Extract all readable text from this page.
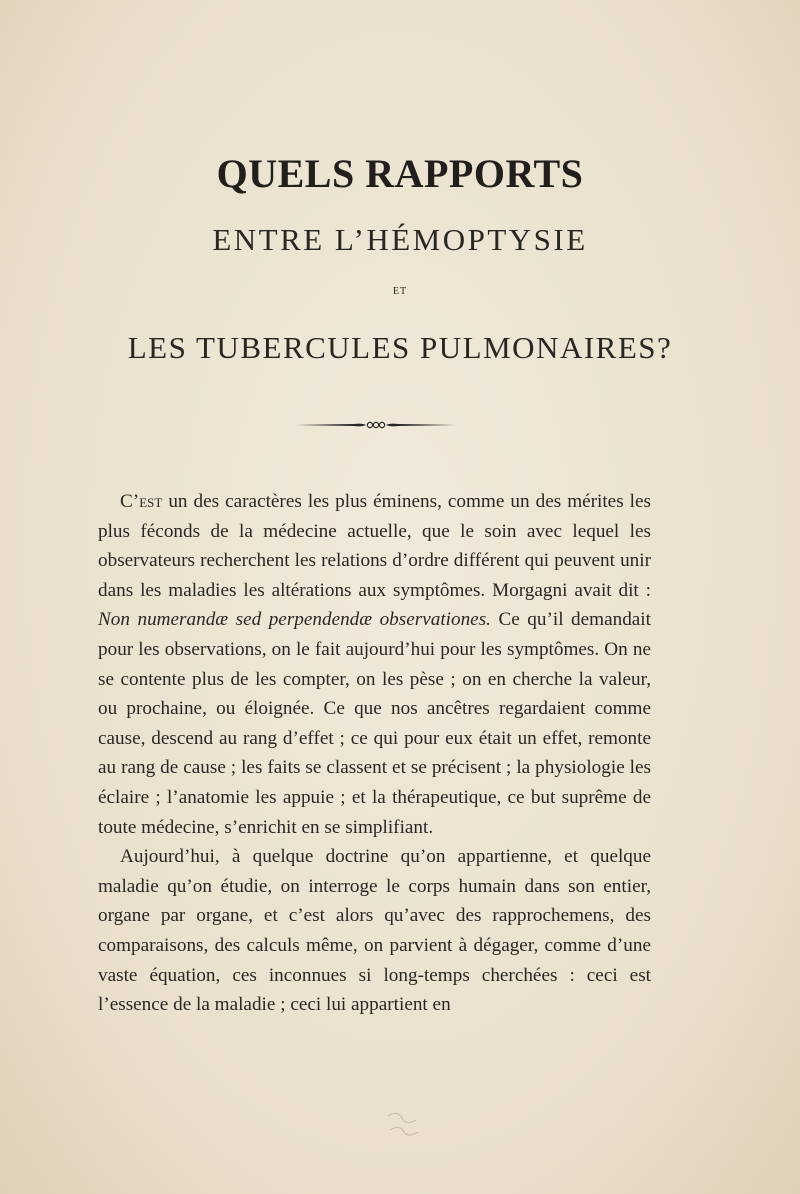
QUELS RAPPORTS
ENTRE L’HÉMOPTYSIE
ET
LES TUBERCULES PULMONAIRES?

C’est un des caractères les plus éminens, comme un des mérites les plus féconds de la médecine actuelle, que le soin avec lequel les observateurs recherchent les relations d’ordre différent qui peuvent unir dans les maladies les altérations aux symptômes. Morgagni avait dit : Non numerandæ sed perpendendæ observationes. Ce qu’il demandait pour les observations, on le fait aujourd’hui pour les symptômes. On ne se contente plus de les compter, on les pèse ; on en cherche la valeur, ou prochaine, ou éloignée. Ce que nos ancêtres regardaient comme cause, descend au rang d’effet ; ce qui pour eux était un effet, remonte au rang de cause ; les faits se classent et se précisent ; la physiologie les éclaire ; l’anatomie les appuie ; et la thérapeutique, ce but suprême de toute médecine, s’enrichit en se simplifiant.

Aujourd’hui, à quelque doctrine qu’on appartienne, et quelque maladie qu’on étudie, on interroge le corps humain dans son entier, organe par organe, et c’est alors qu’avec des rapprochemens, des comparaisons, des calculs même, on parvient à dégager, comme d’une vaste équation, ces inconnues si long-temps cherchées : ceci est l’essence de la maladie ; ceci lui appartient en
